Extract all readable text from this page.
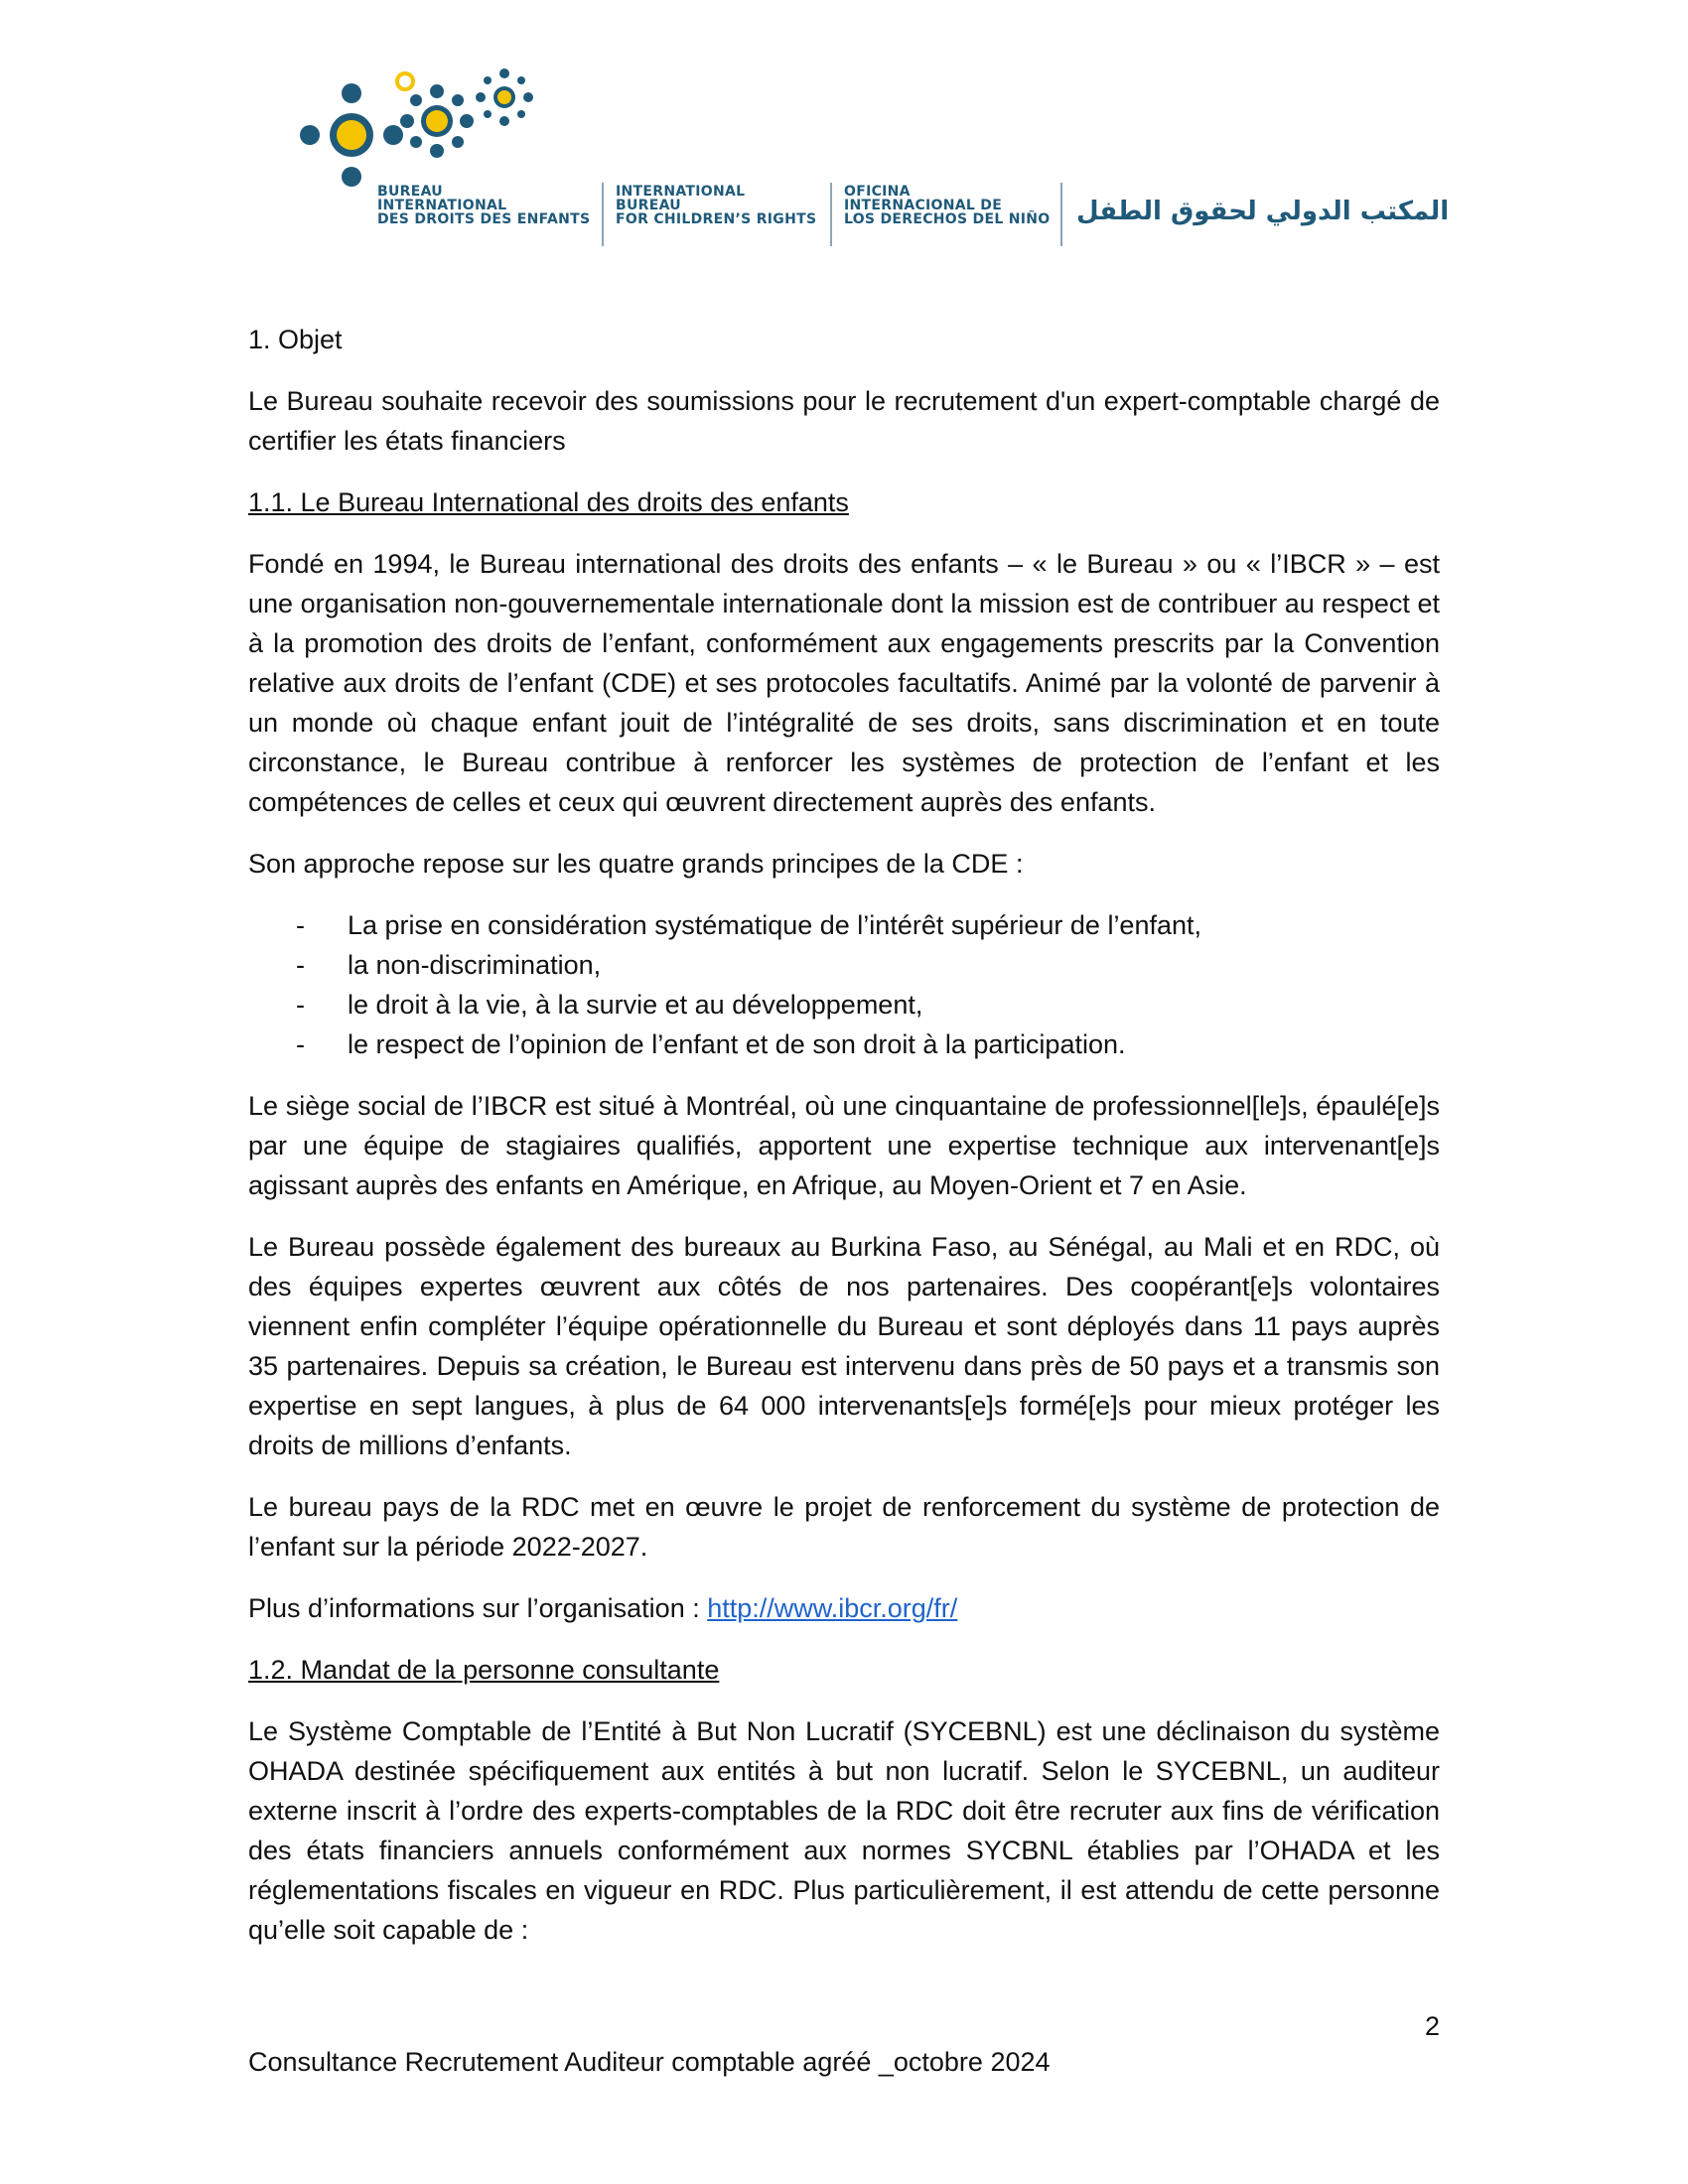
BUREAU
INTERNATIONAL
DES DROITS DES ENFANTS
INTERNATIONAL
BUREAU
FOR CHILDREN’S RIGHTS
OFICINA
INTERNACIONAL DE
LOS DERECHOS DEL NIÑO المكتب الدولي لحقوق الطفل
1. Objet

Le Bureau souhaite recevoir des soumissions pour le recrutement d'un expert-comptable chargé de certifier les états financiers

1.1. Le Bureau International des droits des enfants

Fondé en 1994, le Bureau international des droits des enfants – « le Bureau » ou « l’IBCR » – est une organisation non-gouvernementale internationale dont la mission est de contribuer au respect et à la promotion des droits de l’enfant, conformément aux engagements prescrits par la Convention relative aux droits de l’enfant (CDE) et ses protocoles facultatifs. Animé par la volonté de parvenir à un monde où chaque enfant jouit de l’intégralité de ses droits, sans discrimination et en toute circonstance, le Bureau contribue à renforcer les systèmes de protection de l’enfant et les compétences de celles et ceux qui œuvrent directement auprès des enfants.

Son approche repose sur les quatre grands principes de la CDE :

- La prise en considération systématique de l’intérêt supérieur de l’enfant,
- la non-discrimination,
- le droit à la vie, à la survie et au développement,
- le respect de l’opinion de l’enfant et de son droit à la participation.

Le siège social de l’IBCR est situé à Montréal, où une cinquantaine de professionnel[le]s, épaulé[e]s par une équipe de stagiaires qualifiés, apportent une expertise technique aux intervenant[e]s agissant auprès des enfants en Amérique, en Afrique, au Moyen-Orient et 7 en Asie.

Le Bureau possède également des bureaux au Burkina Faso, au Sénégal, au Mali et en RDC, où des équipes expertes œuvrent aux côtés de nos partenaires. Des coopérant[e]s volontaires viennent enfin compléter l’équipe opérationnelle du Bureau et sont déployés dans 11 pays auprès 35 partenaires. Depuis sa création, le Bureau est intervenu dans près de 50 pays et a transmis son expertise en sept langues, à plus de 64 000 intervenants[e]s formé[e]s pour mieux protéger les droits de millions d’enfants.

Le bureau pays de la RDC met en œuvre le projet de renforcement du système de protection de l’enfant sur la période 2022-2027.

Plus d’informations sur l’organisation : http://www.ibcr.org/fr/

1.2. Mandat de la personne consultante

Le Système Comptable de l’Entité à But Non Lucratif (SYCEBNL) est une déclinaison du système OHADA destinée spécifiquement aux entités à but non lucratif. Selon le SYCEBNL, un auditeur externe inscrit à l’ordre des experts-comptables de la RDC doit être recruter aux fins de vérification des états financiers annuels conformément aux normes SYCBNL établies par l’OHADA et les réglementations fiscales en vigueur en RDC. Plus particulièrement, il est attendu de cette personne qu’elle soit capable de :

2
Consultance Recrutement Auditeur comptable agréé _octobre 2024
